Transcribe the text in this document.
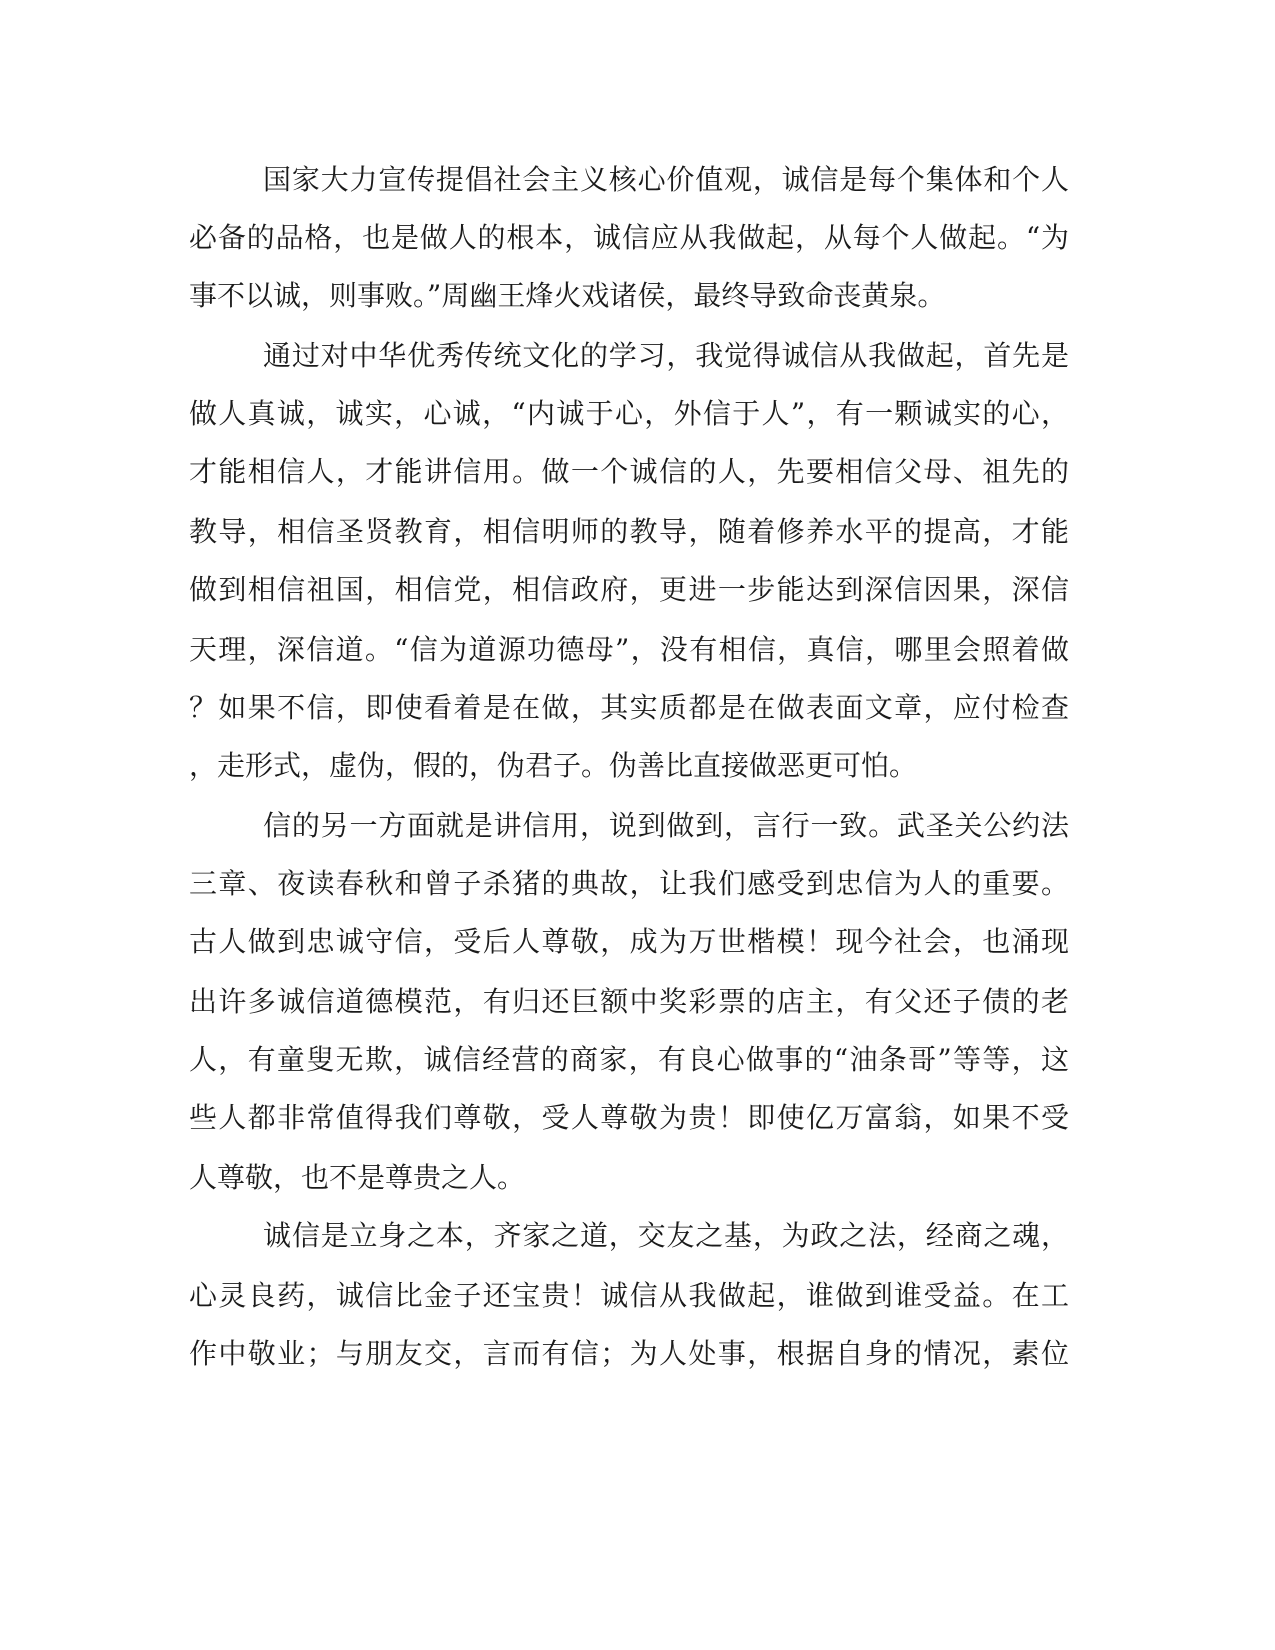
国家大力宣传提倡社会主义核心价值观，诚信是每个集体和个人
必备的品格，也是做人的根本，诚信应从我做起，从每个人做起。“为
事不以诚，则事败。”周幽王烽火戏诸侯，最终导致命丧黄泉。
通过对中华优秀传统文化的学习，我觉得诚信从我做起，首先是
做人真诚，诚实，心诚，“内诚于心，外信于人”，有一颗诚实的心，
才能相信人，才能讲信用。做一个诚信的人，先要相信父母、祖先的
教导，相信圣贤教育，相信明师的教导，随着修养水平的提高，才能
做到相信祖国，相信党，相信政府，更进一步能达到深信因果，深信
天理，深信道。“信为道源功德母”，没有相信，真信，哪里会照着做
？如果不信，即使看着是在做，其实质都是在做表面文章，应付检查
，走形式，虚伪，假的，伪君子。伪善比直接做恶更可怕。
信的另一方面就是讲信用，说到做到，言行一致。武圣关公约法
三章、夜读春秋和曾子杀猪的典故，让我们感受到忠信为人的重要。
古人做到忠诚守信，受后人尊敬，成为万世楷模！现今社会，也涌现
出许多诚信道德模范，有归还巨额中奖彩票的店主，有父还子债的老
人，有童叟无欺，诚信经营的商家，有良心做事的“油条哥”等等，这
些人都非常值得我们尊敬，受人尊敬为贵！即使亿万富翁，如果不受
人尊敬，也不是尊贵之人。
诚信是立身之本，齐家之道，交友之基，为政之法，经商之魂，
心灵良药，诚信比金子还宝贵！诚信从我做起，谁做到谁受益。在工
作中敬业；与朋友交，言而有信；为人处事，根据自身的情况，素位
